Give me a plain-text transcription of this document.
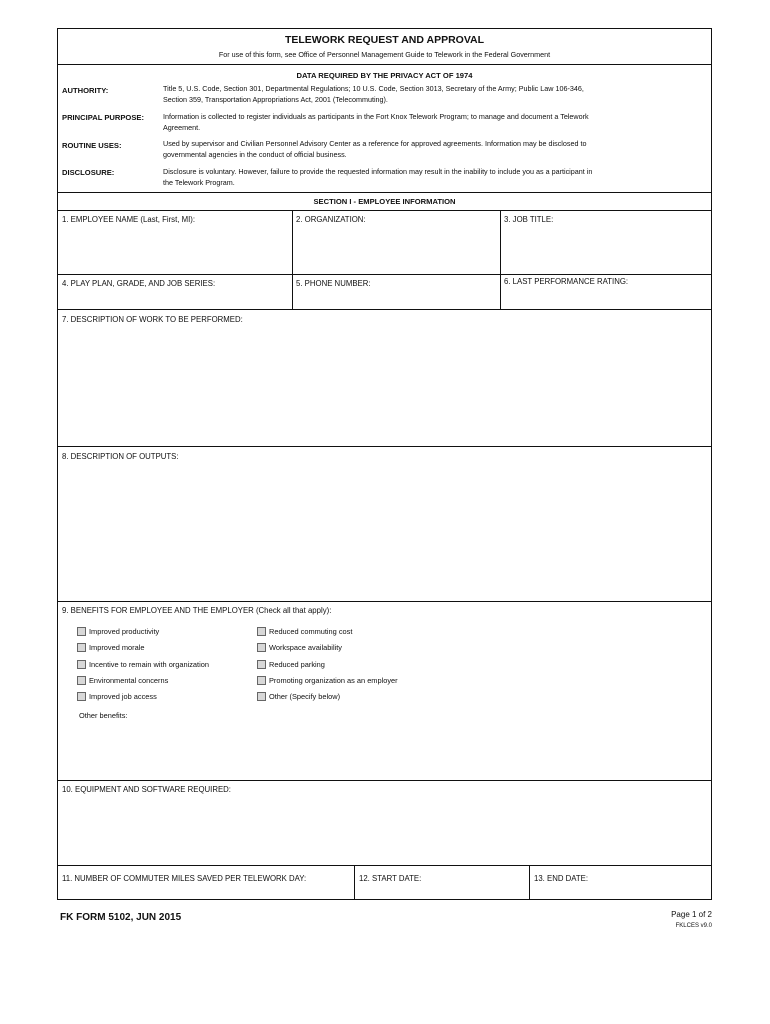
TELEWORK REQUEST AND APPROVAL
For use of this form, see Office of Personnel Management Guide to Telework in the Federal Government
DATA REQUIRED BY THE PRIVACY ACT OF 1974
AUTHORITY:	Title 5, U.S. Code, Section 301, Departmental Regulations; 10 U.S. Code, Section 3013, Secretary of the Army; Public Law 106-346,
Section 359, Transportation Appropriations Act, 2001 (Telecommuting).
PRINCIPAL PURPOSE:	Information is collected to register individuals as participants in the Fort Knox Telework Program; to manage and document a Telework
Agreement.
ROUTINE USES:	Used by supervisor and Civilian Personnel Advisory Center as a reference for approved agreements. Information may be disclosed to
governmental agencies in the conduct of official business.
DISCLOSURE:	Disclosure is voluntary. However, failure to provide the requested information may result in the inability to include you as a participant in
the Telework Program.
SECTION I - EMPLOYEE INFORMATION
1. EMPLOYEE NAME (Last, First, MI):	2. ORGANIZATION:	3. JOB TITLE:
4. PLAY PLAN, GRADE, AND JOB SERIES:	5. PHONE NUMBER:	6. LAST PERFORMANCE RATING:
7. DESCRIPTION OF WORK TO BE PERFORMED:
8. DESCRIPTION OF OUTPUTS:
9. BENEFITS FOR EMPLOYEE AND THE EMPLOYER (Check all that apply):
Improved productivity
Improved morale
Incentive to remain with organization
Environmental concerns
Improved job access
Reduced commuting cost
Workspace availability
Reduced parking
Promoting organization as an employer
Other (Specify below)
Other benefits:
10. EQUIPMENT AND SOFTWARE REQUIRED:
11. NUMBER OF COMMUTER MILES SAVED PER TELEWORK DAY:	12. START DATE:	13. END DATE:
FK FORM 5102, JUN 2015	Page 1 of 2
FKLCES v9.0
